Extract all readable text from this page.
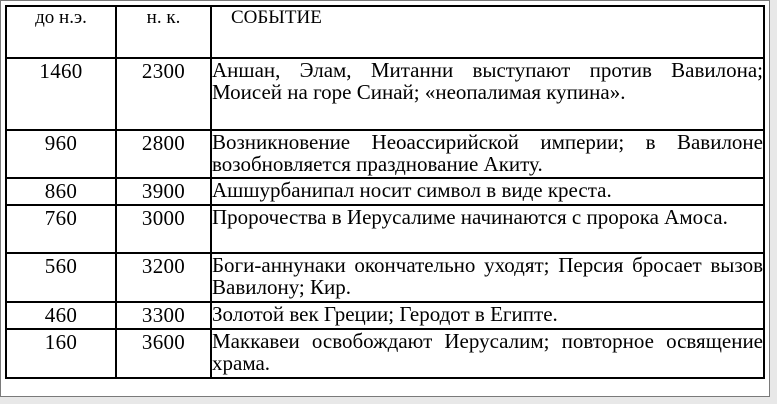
до н.э.	н. к.	СОБЫТИЕ
1460	2300	Аншан, Элам, Митанни выступают против Вавилона; Моисей на горе Синай; «неопалимая купина».
960	2800	Возникновение Неоассирийской империи; в Вавилоне возобновляется празднование Акиту.
860	3900	Ашшурбанипал носит символ в виде креста.
760	3000	Пророчества в Иерусалиме начинаются с пророка Амоса.
560	3200	Боги-аннунаки окончательно уходят; Персия бросает вызов Вавилону; Кир.
460	3300	Золотой век Греции; Геродот в Египте.
160	3600	Маккавеи освобождают Иерусалим; повторное освящение храма.
